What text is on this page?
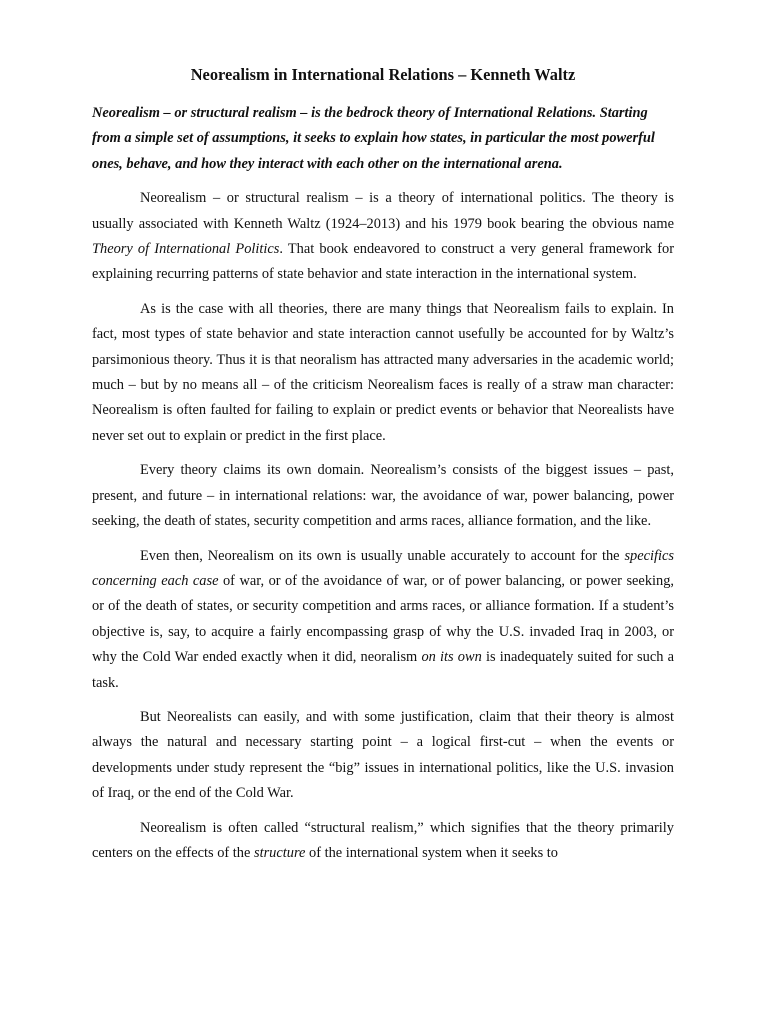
Neorealism in International Relations – Kenneth Waltz

Neorealism – or structural realism – is the bedrock theory of International Relations. Starting from a simple set of assumptions, it seeks to explain how states, in particular the most powerful ones, behave, and how they interact with each other on the international arena.

Neorealism – or structural realism – is a theory of international politics. The theory is usually associated with Kenneth Waltz (1924–2013) and his 1979 book bearing the obvious name Theory of International Politics. That book endeavored to construct a very general framework for explaining recurring patterns of state behavior and state interaction in the international system.

As is the case with all theories, there are many things that Neorealism fails to explain. In fact, most types of state behavior and state interaction cannot usefully be accounted for by Waltz’s parsimonious theory. Thus it is that neoralism has attracted many adversaries in the academic world; much – but by no means all – of the criticism Neorealism faces is really of a straw man character: Neorealism is often faulted for failing to explain or predict events or behavior that Neorealists have never set out to explain or predict in the first place.

Every theory claims its own domain. Neorealism’s consists of the biggest issues – past, present, and future – in international relations: war, the avoidance of war, power balancing, power seeking, the death of states, security competition and arms races, alliance formation, and the like.

Even then, Neorealism on its own is usually unable accurately to account for the specifics concerning each case of war, or of the avoidance of war, or of power balancing, or power seeking, or of the death of states, or security competition and arms races, or alliance formation. If a student’s objective is, say, to acquire a fairly encompassing grasp of why the U.S. invaded Iraq in 2003, or why the Cold War ended exactly when it did, neoralism on its own is inadequately suited for such a task.

But Neorealists can easily, and with some justification, claim that their theory is almost always the natural and necessary starting point – a logical first-cut – when the events or developments under study represent the “big” issues in international politics, like the U.S. invasion of Iraq, or the end of the Cold War.

Neorealism is often called “structural realism,” which signifies that the theory primarily centers on the effects of the structure of the international system when it seeks to
